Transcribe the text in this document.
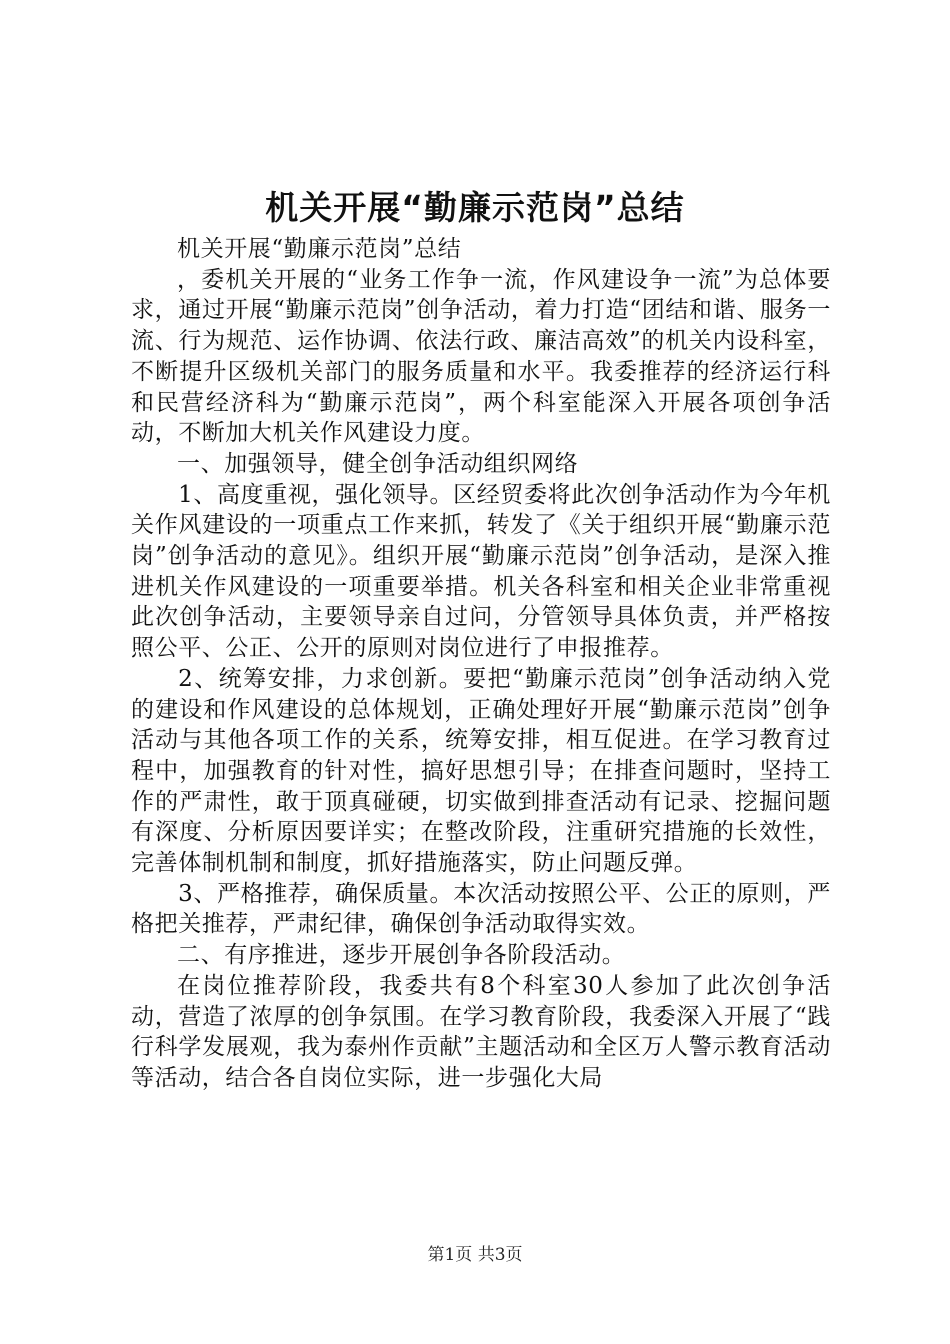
机关开展“勤廉示范岗”总结

机关开展“勤廉示范岗”总结

，委机关开展的“业务工作争一流，作风建设争一流”为总体要求，通过开展“勤廉示范岗”创争活动，着力打造“团结和谐、服务一流、行为规范、运作协调、依法行政、廉洁高效”的机关内设科室，不断提升区级机关部门的服务质量和水平。我委推荐的经济运行科和民营经济科为“勤廉示范岗”，两个科室能深入开展各项创争活动，不断加大机关作风建设力度。

一、加强领导，健全创争活动组织网络

1、高度重视，强化领导。区经贸委将此次创争活动作为今年机关作风建设的一项重点工作来抓，转发了《关于组织开展“勤廉示范岗”创争活动的意见》。组织开展“勤廉示范岗”创争活动，是深入推进机关作风建设的一项重要举措。机关各科室和相关企业非常重视此次创争活动，主要领导亲自过问，分管领导具体负责，并严格按照公平、公正、公开的原则对岗位进行了申报推荐。

2、统筹安排，力求创新。要把“勤廉示范岗”创争活动纳入党的建设和作风建设的总体规划，正确处理好开展“勤廉示范岗”创争活动与其他各项工作的关系，统筹安排，相互促进。在学习教育过程中，加强教育的针对性，搞好思想引导；在排查问题时，坚持工作的严肃性，敢于顶真碰硬，切实做到排查活动有记录、挖掘问题有深度、分析原因要详实；在整改阶段，注重研究措施的长效性，完善体制机制和制度，抓好措施落实，防止问题反弹。

3、严格推荐，确保质量。本次活动按照公平、公正的原则，严格把关推荐，严肃纪律，确保创争活动取得实效。

二、有序推进，逐步开展创争各阶段活动。

在岗位推荐阶段，我委共有8个科室30人参加了此次创争活动，营造了浓厚的创争氛围。在学习教育阶段，我委深入开展了“践行科学发展观，我为泰州作贡献”主题活动和全区万人警示教育活动等活动，结合各自岗位实际，进一步强化大局

第1页 共3页
